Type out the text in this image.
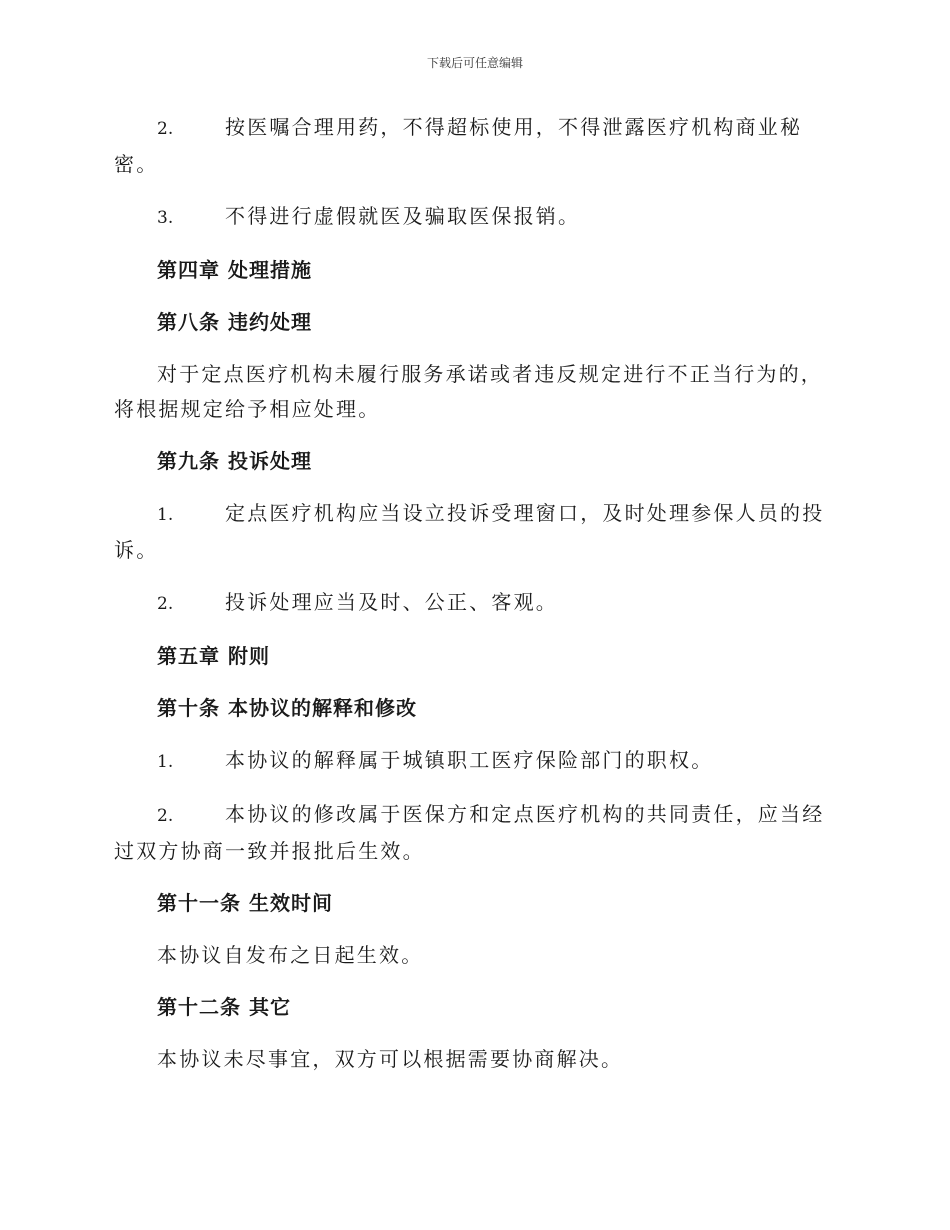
下载后可任意编辑
2.	按医嘱合理用药，不得超标使用，不得泄露医疗机构商业秘密。
3.	不得进行虚假就医及骗取医保报销。
第四章 处理措施
第八条 违约处理
对于定点医疗机构未履行服务承诺或者违反规定进行不正当行为的，将根据规定给予相应处理。
第九条 投诉处理
1.	定点医疗机构应当设立投诉受理窗口，及时处理参保人员的投诉。
2.	投诉处理应当及时、公正、客观。
第五章 附则
第十条 本协议的解释和修改
1.	本协议的解释属于城镇职工医疗保险部门的职权。
2.	本协议的修改属于医保方和定点医疗机构的共同责任，应当经过双方协商一致并报批后生效。
第十一条 生效时间
本协议自发布之日起生效。
第十二条 其它
本协议未尽事宜，双方可以根据需要协商解决。
